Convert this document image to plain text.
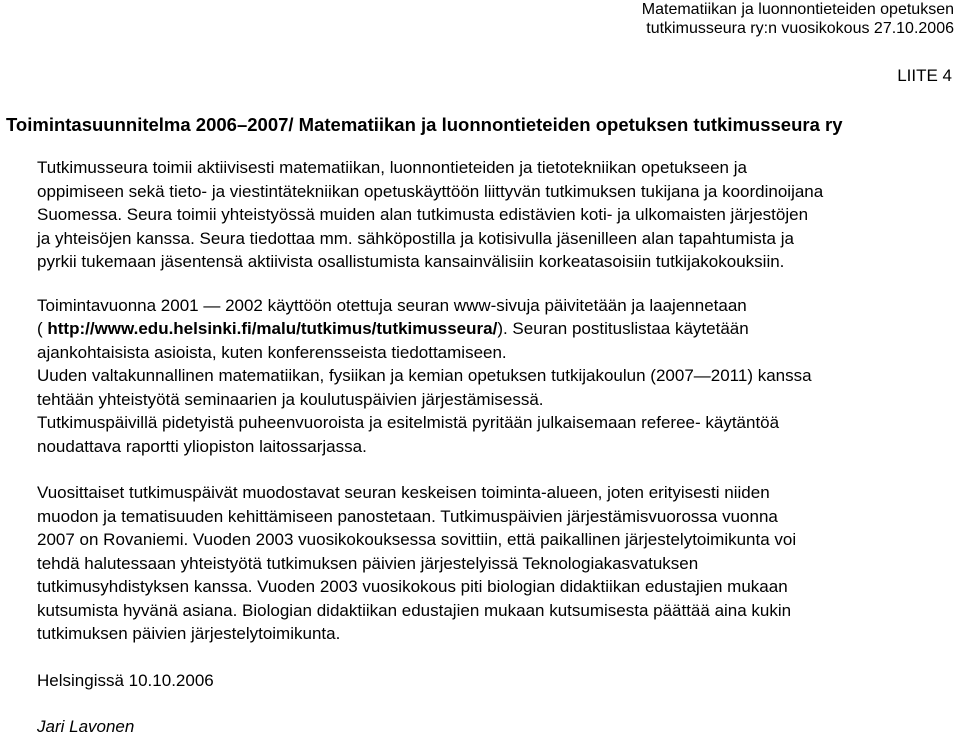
Matematiikan ja luonnontieteiden opetuksen
tutkimusseura ry:n vuosikokous 27.10.2006
LIITE 4
Toimintasuunnitelma 2006–2007/ Matematiikan ja luonnontieteiden opetuksen tutkimusseura ry

Tutkimusseura toimii aktiivisesti matematiikan, luonnontieteiden ja tietotekniikan opetukseen ja
oppimiseen sekä tieto- ja viestintätekniikan opetuskäyttöön liittyvän tutkimuksen tukijana ja koordinoijana
Suomessa. Seura toimii yhteistyössä muiden alan tutkimusta edistävien koti- ja ulkomaisten järjestöjen
ja yhteisöjen kanssa. Seura tiedottaa mm. sähköpostilla ja kotisivulla jäsenilleen alan tapahtumista ja
pyrkii tukemaan jäsentensä aktiivista osallistumista kansainvälisiin korkeatasoisiin tutkijakokouksiin.

Toimintavuonna 2001 — 2002 käyttöön otettuja seuran www-sivuja päivitetään ja laajennetaan
( http://www.edu.helsinki.fi/malu/tutkimus/tutkimusseura/). Seuran postituslistaa käytetään
ajankohtaisista asioista, kuten konferensseista tiedottamiseen.
Uuden valtakunnallinen matematiikan, fysiikan ja kemian opetuksen tutkijakoulun (2007—2011) kanssa
tehtään yhteistyötä seminaarien ja koulutuspäivien järjestämisessä.
Tutkimuspäivillä pidetyistä puheenvuoroista ja esitelmistä pyritään julkaisemaan referee- käytäntöä
noudattava raportti yliopiston laitossarjassa.

Vuosittaiset tutkimuspäivät muodostavat seuran keskeisen toiminta-alueen, joten erityisesti niiden
muodon ja tematisuuden kehittämiseen panostetaan. Tutkimuspäivien järjestämisvuorossa vuonna
2007 on Rovaniemi. Vuoden 2003 vuosikokouksessa sovittiin, että paikallinen järjestelytoimikunta voi
tehdä halutessaan yhteistyötä tutkimuksen päivien järjestelyissä Teknologiakasvatuksen
tutkimusyhdistyksen kanssa. Vuoden 2003 vuosikokous piti biologian didaktiikan edustajien mukaan
kutsumista hyvänä asiana. Biologian didaktiikan edustajien mukaan kutsumisesta päättää aina kukin
tutkimuksen päivien järjestelytoimikunta.

Helsingissä 10.10.2006

Jari Lavonen
